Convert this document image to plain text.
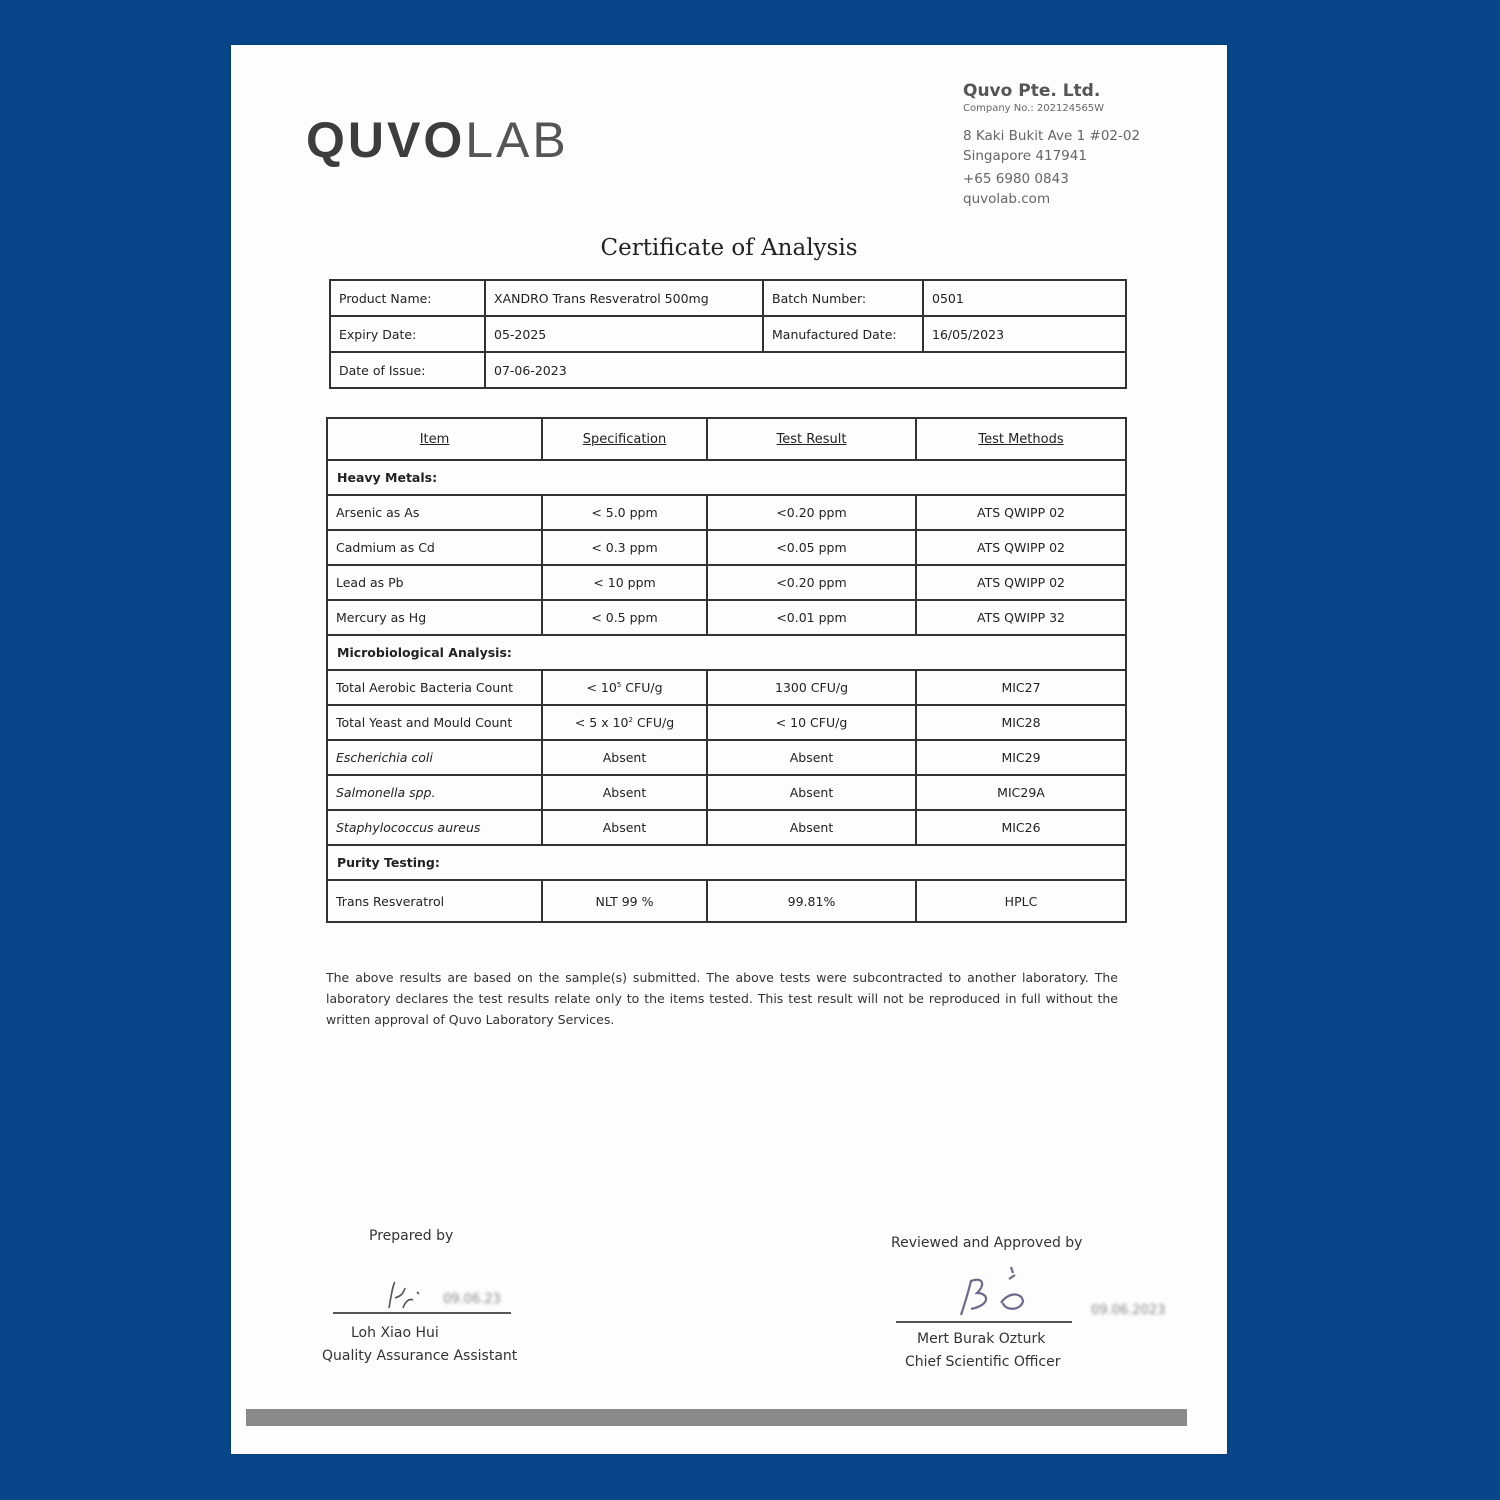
QUVOLAB
Quvo Pte. Ltd.
Company No.: 202124565W
8 Kaki Bukit Ave 1 #02-02
Singapore 417941
+65 6980 0843
quvolab.com
Certificate of Analysis
Product Name:	XANDRO Trans Resveratrol 500mg	Batch Number:	0501
Expiry Date:	05-2025	Manufactured Date:	16/05/2023
Date of Issue:	07-06-2023		
Item	Specification	Test Result	Test Methods
Heavy Metals:			
Arsenic as As	< 5.0 ppm	<0.20 ppm	ATS QWIPP 02
Cadmium as Cd	< 0.3 ppm	<0.05 ppm	ATS QWIPP 02
Lead as Pb	< 10 ppm	<0.20 ppm	ATS QWIPP 02
Mercury as Hg	< 0.5 ppm	<0.01 ppm	ATS QWIPP 32
Microbiological Analysis:			
Total Aerobic Bacteria Count	< $10^5$ CFU/g	1300 CFU/g	MIC27
Total Yeast and Mould Count	< 5 x $10^2$ CFU/g	< 10 CFU/g	MIC28
Escherichia coli	Absent	Absent	MIC29
Salmonella spp.	Absent	Absent	MIC29A
Staphylococcus aureus	Absent	Absent	MIC26
Purity Testing:			
Trans Resveratrol	NLT 99 %	99.81%	HPLC
The above results are based on the sample(s) submitted. The above tests were subcontracted to another laboratory. The laboratory declares the test results relate only to the items tested. This test result will not be reproduced in full without the written approval of Quvo Laboratory Services.
Prepared by
09.06.23
Loh Xiao Hui
Quality Assurance Assistant
Reviewed and Approved by
09.06.2023
Mert Burak Ozturk
Chief Scientific Officer
